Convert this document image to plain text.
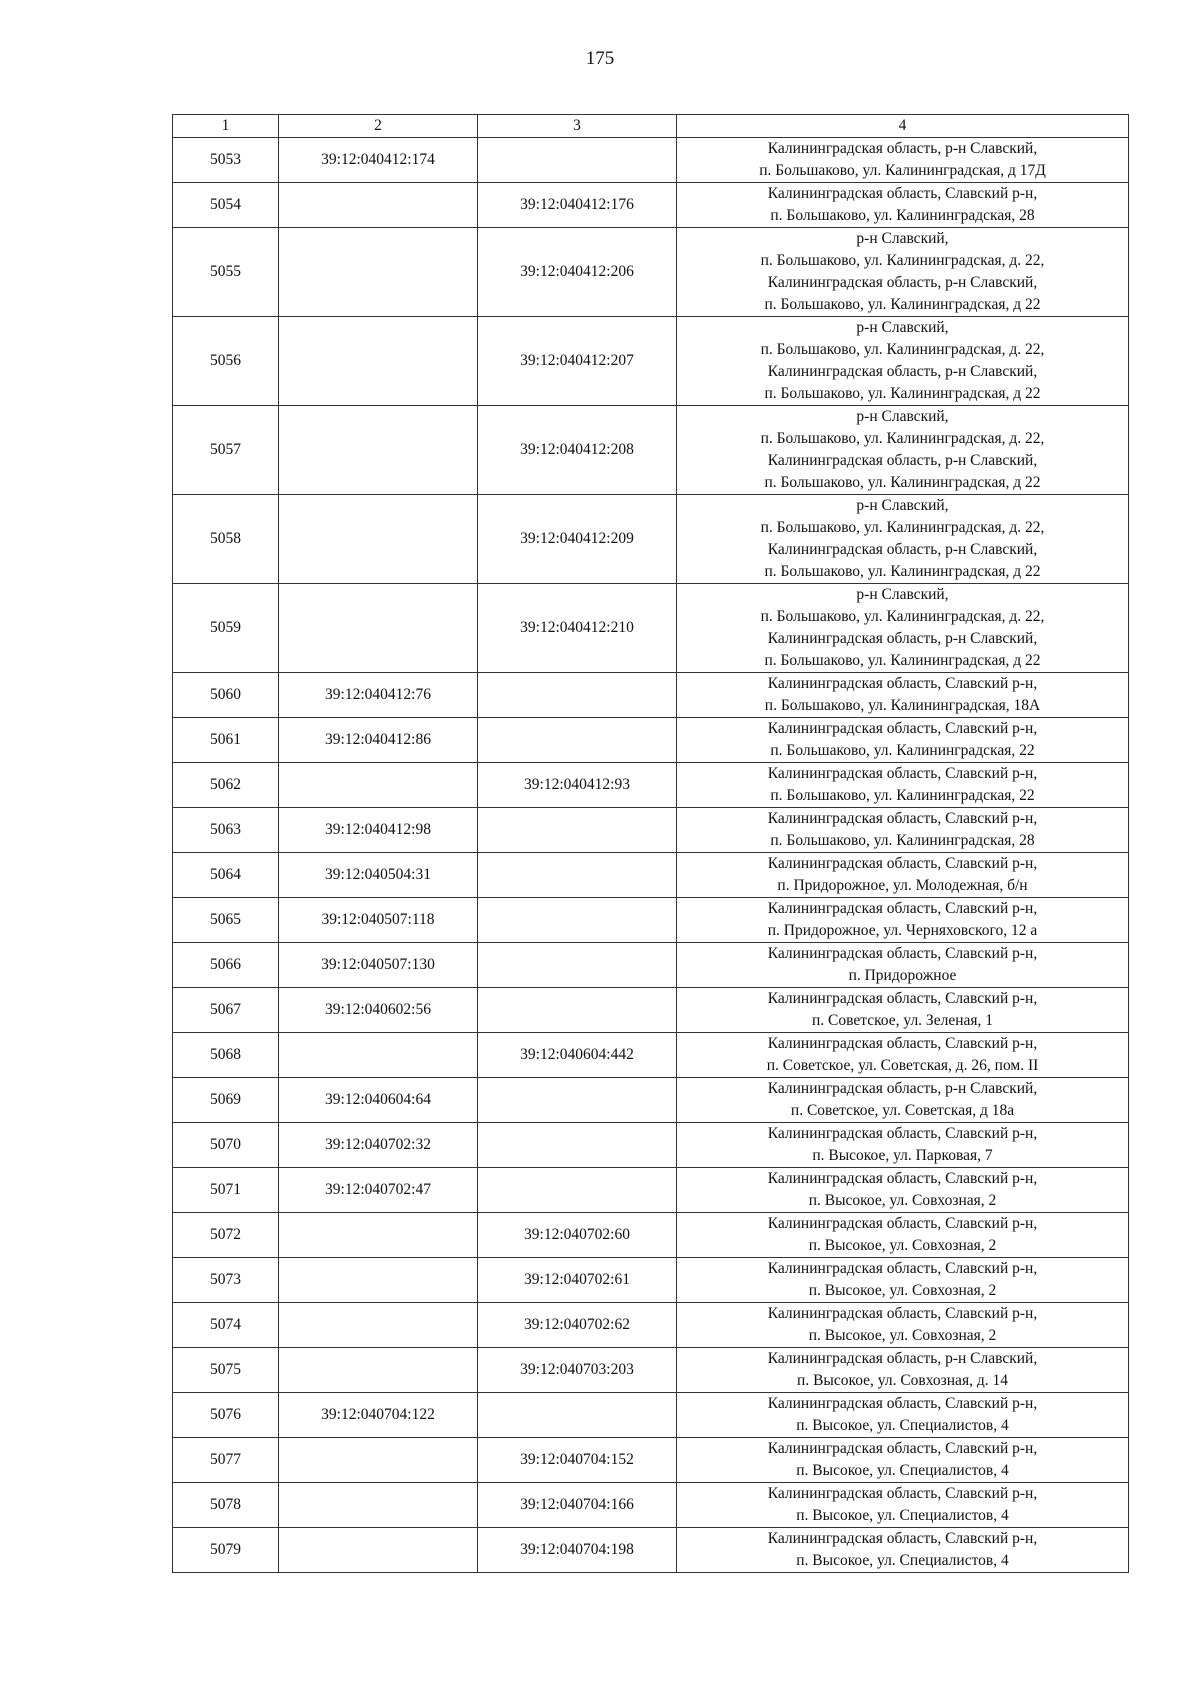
175
1	2	3	4
5053	39:12:040412:174		Калининградская область, р-н Славский,
п. Большаково, ул. Калининградская, д 17Д
5054		39:12:040412:176	Калининградская область, Славский р-н,
п. Большаково, ул. Калининградская, 28
5055		39:12:040412:206	р-н Славский,
п. Большаково, ул. Калининградская, д. 22,
Калининградская область, р-н Славский,
п. Большаково, ул. Калининградская, д 22
5056		39:12:040412:207	р-н Славский,
п. Большаково, ул. Калининградская, д. 22,
Калининградская область, р-н Славский,
п. Большаково, ул. Калининградская, д 22
5057		39:12:040412:208	р-н Славский,
п. Большаково, ул. Калининградская, д. 22,
Калининградская область, р-н Славский,
п. Большаково, ул. Калининградская, д 22
5058		39:12:040412:209	р-н Славский,
п. Большаково, ул. Калининградская, д. 22,
Калининградская область, р-н Славский,
п. Большаково, ул. Калининградская, д 22
5059		39:12:040412:210	р-н Славский,
п. Большаково, ул. Калининградская, д. 22,
Калининградская область, р-н Славский,
п. Большаково, ул. Калининградская, д 22
5060	39:12:040412:76		Калининградская область, Славский р-н,
п. Большаково, ул. Калининградская, 18А
5061	39:12:040412:86		Калининградская область, Славский р-н,
п. Большаково, ул. Калининградская, 22
5062		39:12:040412:93	Калининградская область, Славский р-н,
п. Большаково, ул. Калининградская, 22
5063	39:12:040412:98		Калининградская область, Славский р-н,
п. Большаково, ул. Калининградская, 28
5064	39:12:040504:31		Калининградская область, Славский р-н,
п. Придорожное, ул. Молодежная, б/н
5065	39:12:040507:118		Калининградская область, Славский р-н,
п. Придорожное, ул. Черняховского, 12 а
5066	39:12:040507:130		Калининградская область, Славский р-н,
п. Придорожное
5067	39:12:040602:56		Калининградская область, Славский р-н,
п. Советское, ул. Зеленая, 1
5068		39:12:040604:442	Калининградская область, Славский р-н,
п. Советское, ул. Советская, д. 26, пом. II
5069	39:12:040604:64		Калининградская область, р-н Славский,
п. Советское, ул. Советская, д 18а
5070	39:12:040702:32		Калининградская область, Славский р-н,
п. Высокое, ул. Парковая, 7
5071	39:12:040702:47		Калининградская область, Славский р-н,
п. Высокое, ул. Совхозная, 2
5072		39:12:040702:60	Калининградская область, Славский р-н,
п. Высокое, ул. Совхозная, 2
5073		39:12:040702:61	Калининградская область, Славский р-н,
п. Высокое, ул. Совхозная, 2
5074		39:12:040702:62	Калининградская область, Славский р-н,
п. Высокое, ул. Совхозная, 2
5075		39:12:040703:203	Калининградская область, р-н Славский,
п. Высокое, ул. Совхозная, д. 14
5076	39:12:040704:122		Калининградская область, Славский р-н,
п. Высокое, ул. Специалистов, 4
5077		39:12:040704:152	Калининградская область, Славский р-н,
п. Высокое, ул. Специалистов, 4
5078		39:12:040704:166	Калининградская область, Славский р-н,
п. Высокое, ул. Специалистов, 4
5079		39:12:040704:198	Калининградская область, Славский р-н,
п. Высокое, ул. Специалистов, 4
